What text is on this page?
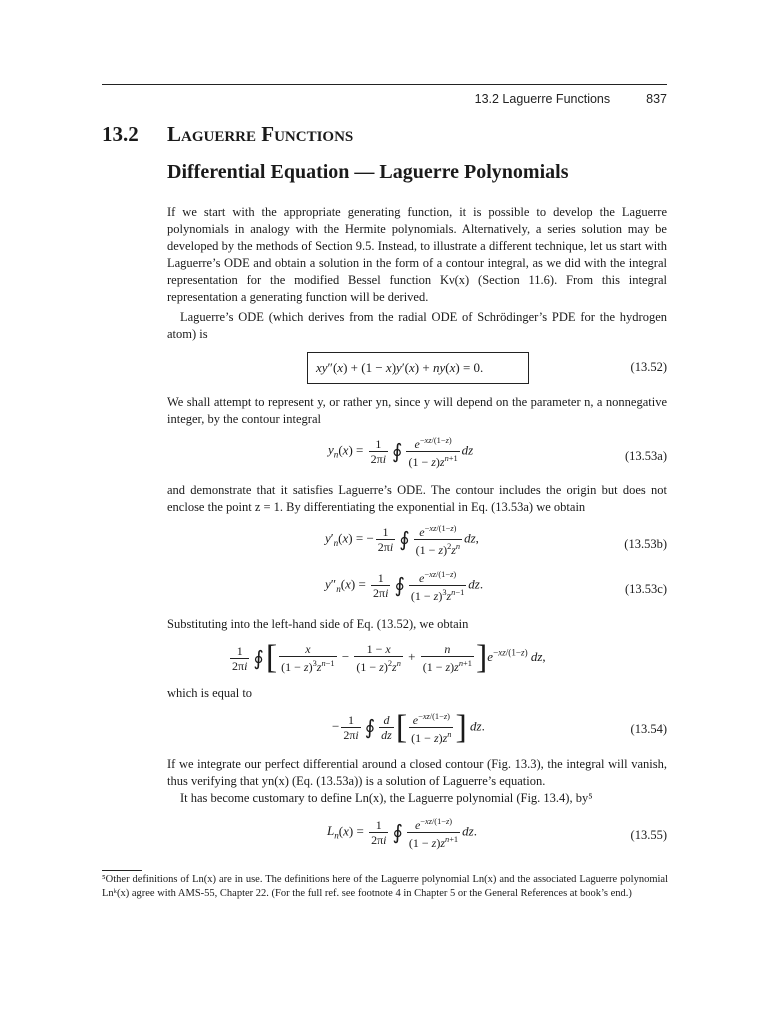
13.2 Laguerre Functions	837
13.2 Laguerre Functions
Differential Equation — Laguerre Polynomials

If we start with the appropriate generating function, it is possible to develop the Laguerre polynomials in analogy with the Hermite polynomials. Alternatively, a series solution may be developed by the methods of Section 9.5. Instead, to illustrate a different technique, let us start with Laguerre’s ODE and obtain a solution in the form of a contour integral, as we did with the integral representation for the modified Bessel function Kν(x) (Section 11.6). From this integral representation a generating function will be derived.

Laguerre’s ODE (which derives from the radial ODE of Schrödinger’s PDE for the hydrogen atom) is

xy″(x) + (1 − x)y′(x) + ny(x) = 0.	(13.52)

We shall attempt to represent y, or rather yn, since y will depend on the parameter n, a nonnegative integer, by the contour integral

$y_n(x) = \frac{1}{2\pi i}$ ∮ $\frac{e^{-xz/(1-z)}}{(1 - z)z^{n+1}}$ dz	(13.53a)

and demonstrate that it satisfies Laguerre’s ODE. The contour includes the origin but does not enclose the point z = 1. By differentiating the exponential in Eq. (13.53a) we obtain

$y'_n(x)$ = − $\frac{1}{2\pi i}$ ∮ $\frac{e^{-xz/(1-z)}}{(1 - z)^2z^n}$ dz,	(13.53b)
$y''_n(x) = \frac{1}{2\pi i}$ ∮ $\frac{e^{-xz/(1-z)}}{(1 - z)^3z^{n-1}}$ dz.	(13.53c)

Substituting into the left-hand side of Eq. (13.52), we obtain

$\frac{1}{2\pi i}$ ∮[ $\frac{x}{(1 - z)^3z^{n-1}} - \frac{1 - x}{(1 - z)^2z^n} + \frac{n}{(1 - z)z^{n+1}} ]e^{-xz/(1-z)}$ dz,

which is equal to

− $\frac{1}{2\pi i}$ ∮ $\frac{d}{dz}$ [ $\frac{e^{-xz/(1-z)}}{(1 - z)z^n}$ ] dz.	(13.54)

If we integrate our perfect differential around a closed contour (Fig. 13.3), the integral will vanish, thus verifying that yn(x) (Eq. (13.53a)) is a solution of Laguerre’s equation.

It has become customary to define Ln(x), the Laguerre polynomial (Fig. 13.4), by⁵

$L_n(x) = \frac{1}{2\pi i}$ ∮ $\frac{e^{-xz/(1-z)}}{(1 - z)z^{n+1}}$ dz.	(13.55)

⁵Other definitions of Ln(x) are in use. The definitions here of the Laguerre polynomial Ln(x) and the associated Laguerre polynomial Lnᵏ(x) agree with AMS-55, Chapter 22. (For the full ref. see footnote 4 in Chapter 5 or the General References at book’s end.)
